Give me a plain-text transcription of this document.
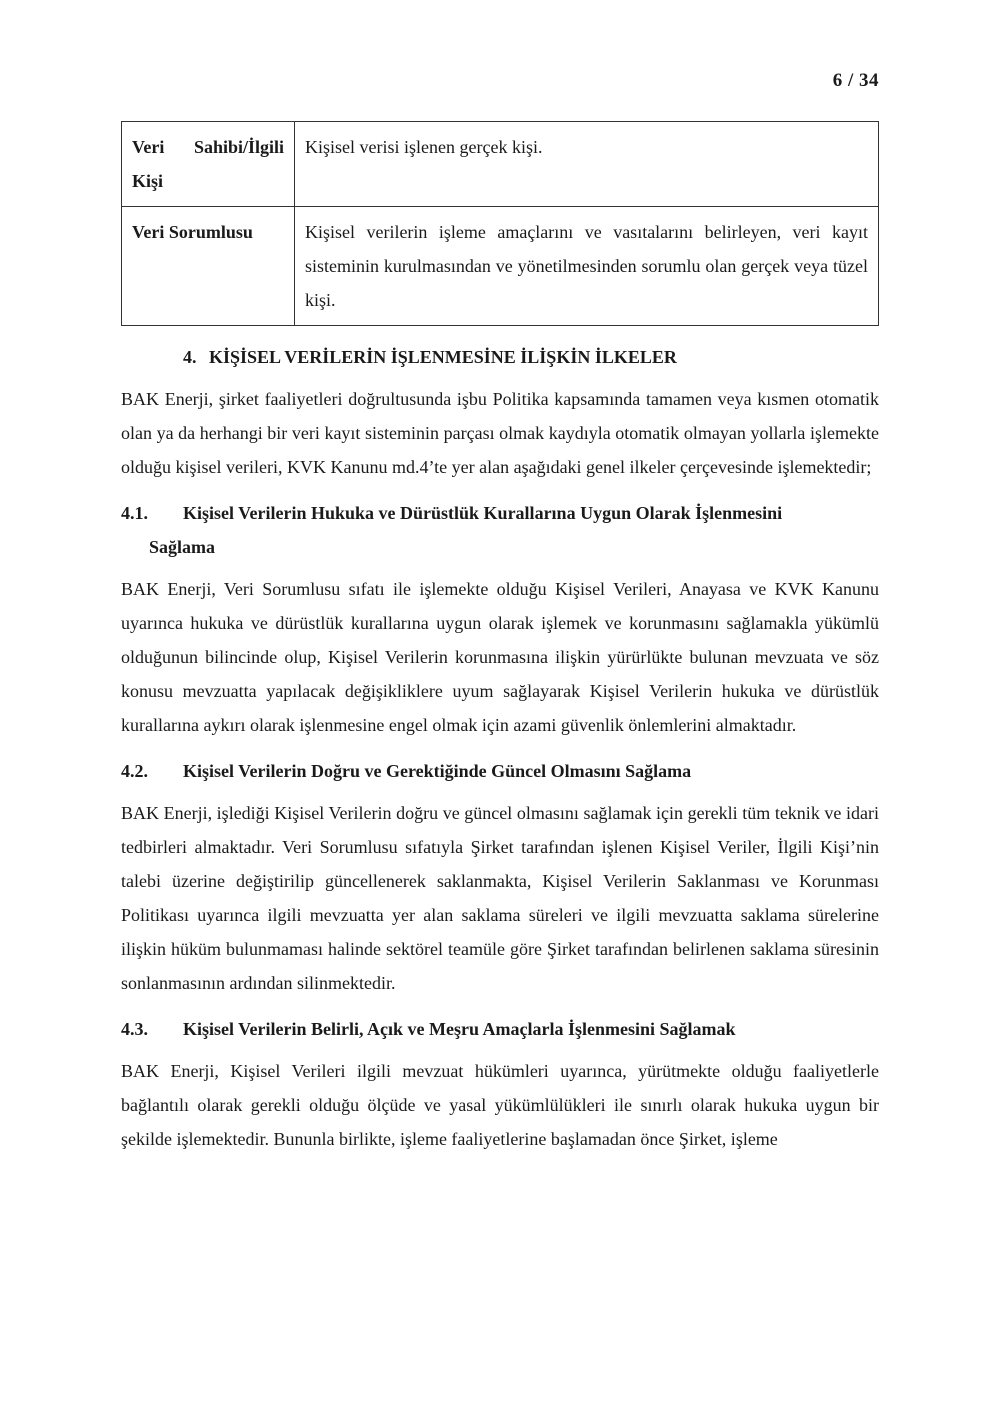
6 / 34
Veri Sahibi/İlgili Kişi	Kişisel verisi işlenen gerçek kişi.
Veri Sorumlusu	Kişisel verilerin işleme amaçlarını ve vasıtalarını belirleyen, veri kayıt sisteminin kurulmasından ve yönetilmesinden sorumlu olan gerçek veya tüzel kişi.
4. KİŞİSEL VERİLERİN İŞLENMESİNE İLİŞKİN İLKELER

BAK Enerji, şirket faaliyetleri doğrultusunda işbu Politika kapsamında tamamen veya kısmen otomatik olan ya da herhangi bir veri kayıt sisteminin parçası olmak kaydıyla otomatik olmayan yollarla işlemekte olduğu kişisel verileri, KVK Kanunu md.4’te yer alan aşağıdaki genel ilkeler çerçevesinde işlemektedir;

4.1.	Kişisel Verilerin Hukuka ve Dürüstlük Kurallarına Uygun Olarak İşlenmesini
Sağlama

BAK Enerji, Veri Sorumlusu sıfatı ile işlemekte olduğu Kişisel Verileri, Anayasa ve KVK Kanunu uyarınca hukuka ve dürüstlük kurallarına uygun olarak işlemek ve korunmasını sağlamakla yükümlü olduğunun bilincinde olup, Kişisel Verilerin korunmasına ilişkin yürürlükte bulunan mevzuata ve söz konusu mevzuatta yapılacak değişikliklere uyum sağlayarak Kişisel Verilerin hukuka ve dürüstlük kurallarına aykırı olarak işlenmesine engel olmak için azami güvenlik önlemlerini almaktadır.

4.2.	Kişisel Verilerin Doğru ve Gerektiğinde Güncel Olmasını Sağlama

BAK Enerji, işlediği Kişisel Verilerin doğru ve güncel olmasını sağlamak için gerekli tüm teknik ve idari tedbirleri almaktadır. Veri Sorumlusu sıfatıyla Şirket tarafından işlenen Kişisel Veriler, İlgili Kişi’nin talebi üzerine değiştirilip güncellenerek saklanmakta, Kişisel Verilerin Saklanması ve Korunması Politikası uyarınca ilgili mevzuatta yer alan saklama süreleri ve ilgili mevzuatta saklama sürelerine ilişkin hüküm bulunmaması halinde sektörel teamüle göre Şirket tarafından belirlenen saklama süresinin sonlanmasının ardından silinmektedir.

4.3.	Kişisel Verilerin Belirli, Açık ve Meşru Amaçlarla İşlenmesini Sağlamak

BAK Enerji, Kişisel Verileri ilgili mevzuat hükümleri uyarınca, yürütmekte olduğu faaliyetlerle bağlantılı olarak gerekli olduğu ölçüde ve yasal yükümlülükleri ile sınırlı olarak hukuka uygun bir şekilde işlemektedir. Bununla birlikte, işleme faaliyetlerine başlamadan önce Şirket, işleme
